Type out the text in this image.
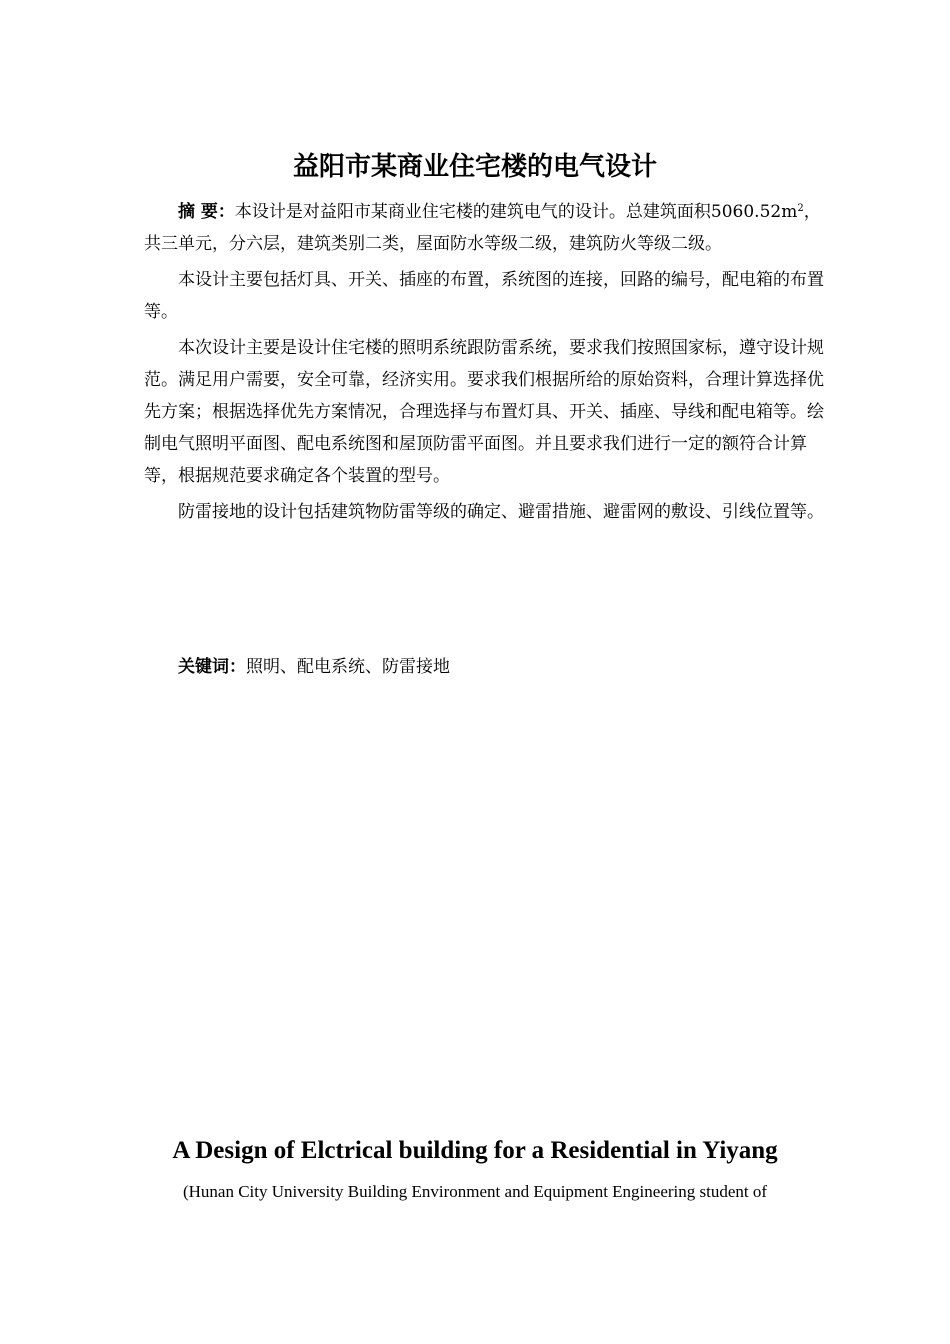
益阳市某商业住宅楼的电气设计

摘 要：本设计是对益阳市某商业住宅楼的建筑电气的设计。总建筑面积$5060.52m^2$，共三单元，分六层，建筑类别二类，屋面防水等级二级，建筑防火等级二级。

本设计主要包括灯具、开关、插座的布置，系统图的连接，回路的编号，配电箱的布置等。

本次设计主要是设计住宅楼的照明系统跟防雷系统，要求我们按照国家标，遵守设计规范。满足用户需要，安全可靠，经济实用。要求我们根据所给的原始资料，合理计算选择优先方案；根据选择优先方案情况，合理选择与布置灯具、开关、插座、导线和配电箱等。绘制电气照明平面图、配电系统图和屋顶防雷平面图。并且要求我们进行一定的额符合计算等，根据规范要求确定各个装置的型号。

防雷接地的设计包括建筑物防雷等级的确定、避雷措施、避雷网的敷设、引线位置等。

关键词：照明、配电系统、防雷接地

A Design of Elctrical building for a Residential in Yiyang

(Hunan City University Building Environment and Equipment Engineering student of
